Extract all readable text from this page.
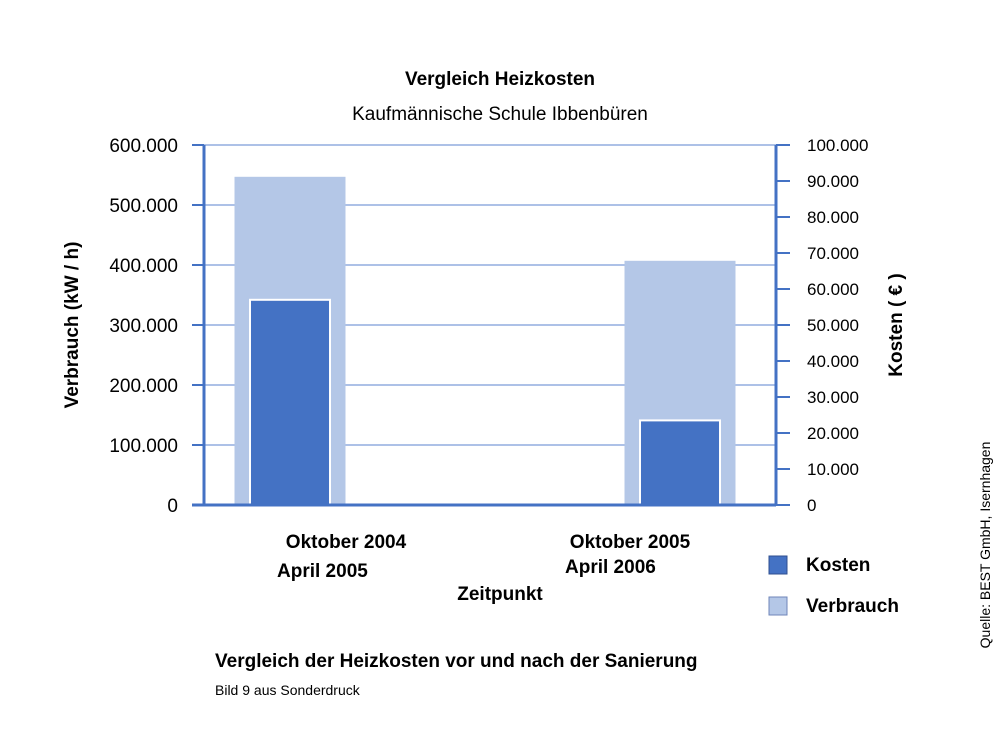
0
100.000
200.000
300.000
400.000
500.000
600.000
0
10.000
20.000
30.000
40.000
50.000
60.000
70.000
80.000
90.000
100.000
Oktober 2004
April 2005
Oktober 2005
April 2006
Vergleich Heizkosten
Kaufmännische Schule Ibbenbüren
Verbrauch (kW / h)	Kosten ( € )
Zeitpunkt
Kosten
Verbrauch
Vergleich der Heizkosten vor und nach der Sanierung
Bild 9 aus Sonderdruck
Quelle: BEST GmbH, Isernhagen
